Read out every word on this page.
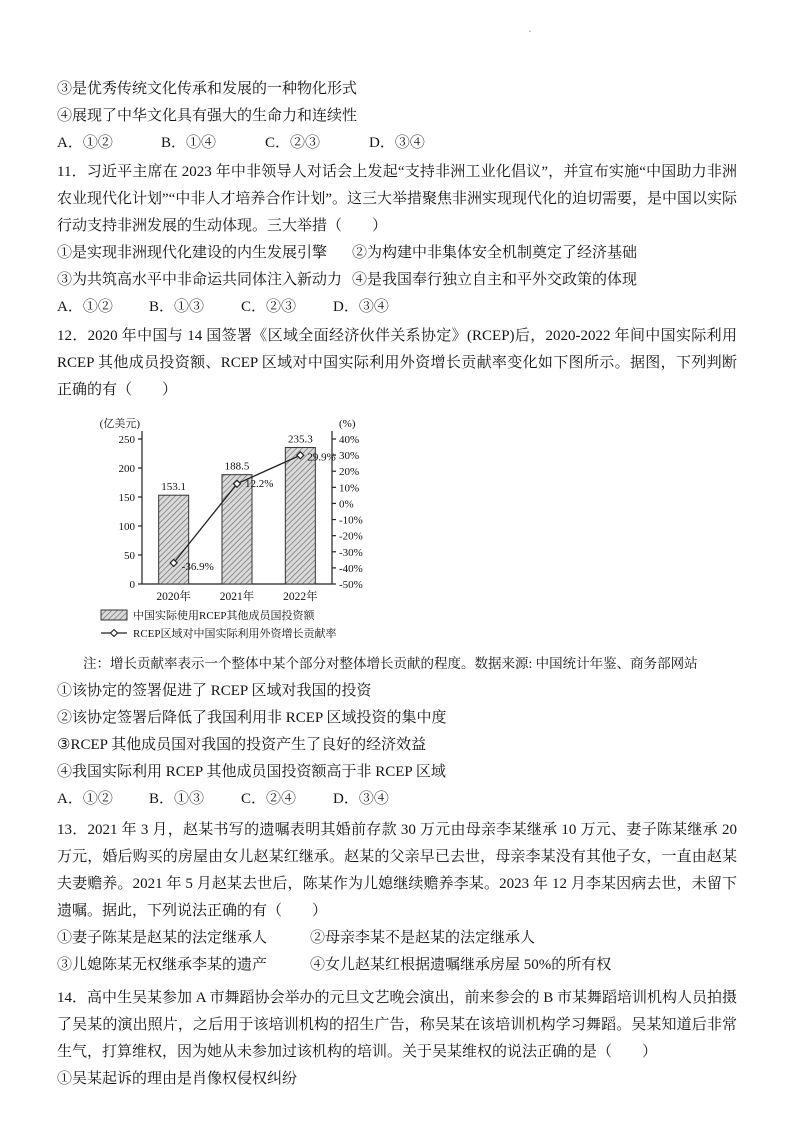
·

③是优秀传统文化传承和发展的一种物化形式

④展现了中华文化具有强大的生命力和连续性

A．①②	B．①④	C．②③	D．③④

11．习近平主席在 2023 年中非领导人对话会上发起“支持非洲工业化倡议”，并宣布实施“中国助力非洲农业现代化计划”“中非人才培养合作计划”。这三大举措聚焦非洲实现现代化的迫切需要，是中国以实际行动支持非洲发展的生动体现。三大举措（　　）

①是实现非洲现代化建设的内生发展引擎	②为构建中非集体安全机制奠定了经济基础
③为共筑高水平中非命运共同体注入新动力 ④是我国奉行独立自主和平外交政策的体现
A．①②	B．①③	C．②③	D．③④

12．2020 年中国与 14 国签署《区域全面经济伙伴关系协定》(RCEP)后，2020-2022 年间中国实际利用 RCEP 其他成员投资额、RCEP 区域对中国实际利用外资增长贡献率变化如下图所示。据图，下列判断正确的有（　　）

0
50
100
150
200
250	40%
30%
20%
10%
0%
-10%
-20%
-30%
-40%
-50%
(亿美元)	(%)
153.1
188.5
235.3
-36.9%
12.2%
29.9%
2020年	2021年	2022年
中国实际使用RCEP其他成员国投资额
RCEP区域对中国实际利用外资增长贡献率

注：增长贡献率表示一个整体中某个部分对整体增长贡献的程度。数据来源: 中国统计年鉴、商务部网站

①该协定的签署促进了 RCEP 区域对我国的投资

②该协定签署后降低了我国利用非 RCEP 区域投资的集中度

③RCEP 其他成员国对我国的投资产生了良好的经济效益

④我国实际利用 RCEP 其他成员国投资额高于非 RCEP 区域

A．①②	B．①③	C．②④	D．③④

13．2021 年 3 月，赵某书写的遗嘱表明其婚前存款 30 万元由母亲李某继承 10 万元、妻子陈某继承 20 万元，婚后购买的房屋由女儿赵某红继承。赵某的父亲早已去世，母亲李某没有其他子女，一直由赵某夫妻赡养。2021 年 5 月赵某去世后，陈某作为儿媳继续赡养李某。2023 年 12 月李某因病去世，未留下遗嘱。据此，下列说法正确的有（　　）

①妻子陈某是赵某的法定继承人	②母亲李某不是赵某的法定继承人
③儿媳陈某无权继承李某的遗产	④女儿赵某红根据遗嘱继承房屋 50%的所有权

14．高中生吴某参加 A 市舞蹈协会举办的元旦文艺晚会演出，前来参会的 B 市某舞蹈培训机构人员拍摄了吴某的演出照片，之后用于该培训机构的招生广告，称吴某在该培训机构学习舞蹈。吴某知道后非常生气，打算维权，因为她从未参加过该机构的培训。关于吴某维权的说法正确的是（　　）

①吴某起诉的理由是肖像权侵权纠纷
